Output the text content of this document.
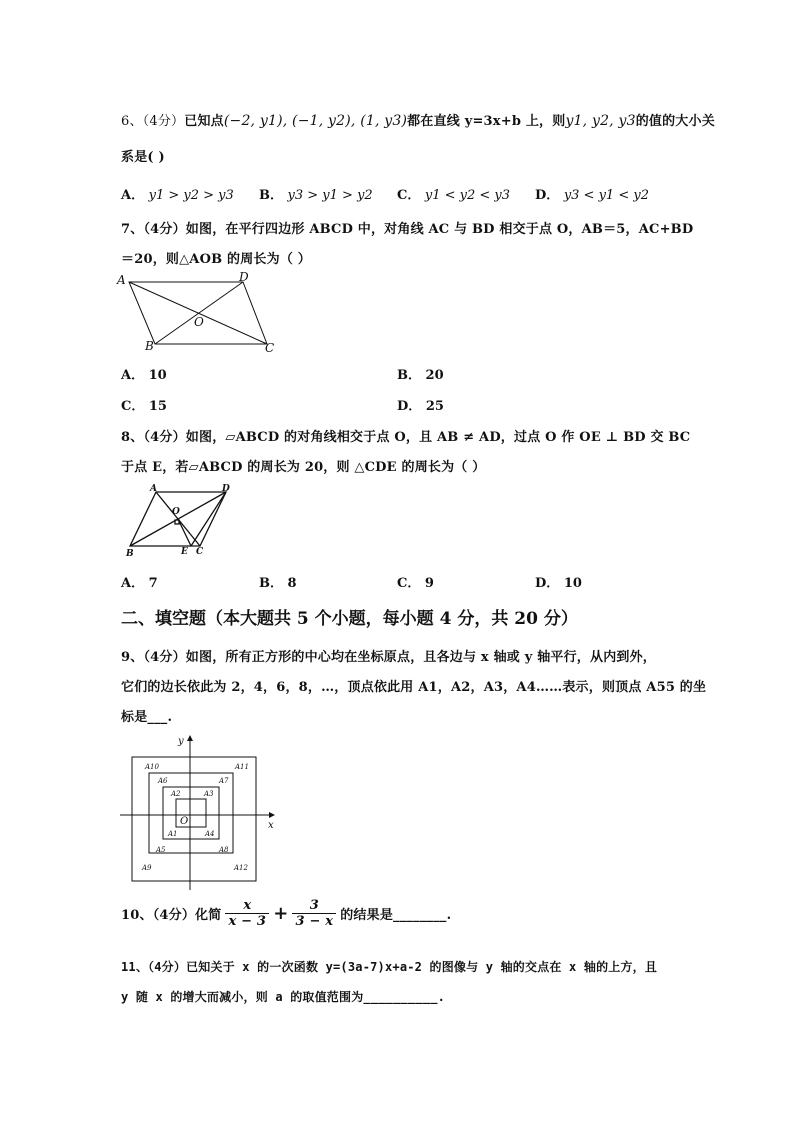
6、（4分）已知点(−2, y1), (−1, y2), (1, y3)都在直线 y=3x+b 上，则y1, y2, y3的值的大小关
系是( )
A． y1 > y2 > y3 B． y3 > y1 > y2 C． y1 < y2 < y3 D． y3 < y1 < y2
7、（4分）如图，在平行四边形 ABCD 中，对角线 AC 与 BD 相交于点 O，AB＝5，AC+BD
＝20，则△AOB 的周长为（ ）
A	D
B	C
O
A． 10	B． 20
C． 15	D． 25
8、（4分）如图，▱ABCD 的对角线相交于点 O，且 AB ≠ AD，过点 O 作 OE ⊥ BD 交 BC
于点 E，若▱ABCD 的周长为 20，则 △CDE 的周长为（ ）
A	D
B	C
O
E
A． 7	B． 8	C． 9	D． 10
二、填空题（本大题共 5 个小题，每小题 4 分，共 20 分）
9、（4分）如图，所有正方形的中心均在坐标原点，且各边与 x 轴或 y 轴平行，从内到外，
它们的边长依此为 2，4，6，8，…，顶点依此用 A1，A2，A3，A4……表示，则顶点 A55 的坐
标是___.
y
x
O
A1
A2	A3
A4
A5
A6	A7
A8
A9
A10	A11
A12
10、（4分）化简 $\frac{x}{x - 3} + \frac{3}{3 - x}$ 的结果是________.
11、（4分）已知关于 x 的一次函数 y=(3a-7)x+a-2 的图像与 y 轴的交点在 x 轴的上方，且
y 随 x 的增大而减小，则 a 的取值范围为__________.
